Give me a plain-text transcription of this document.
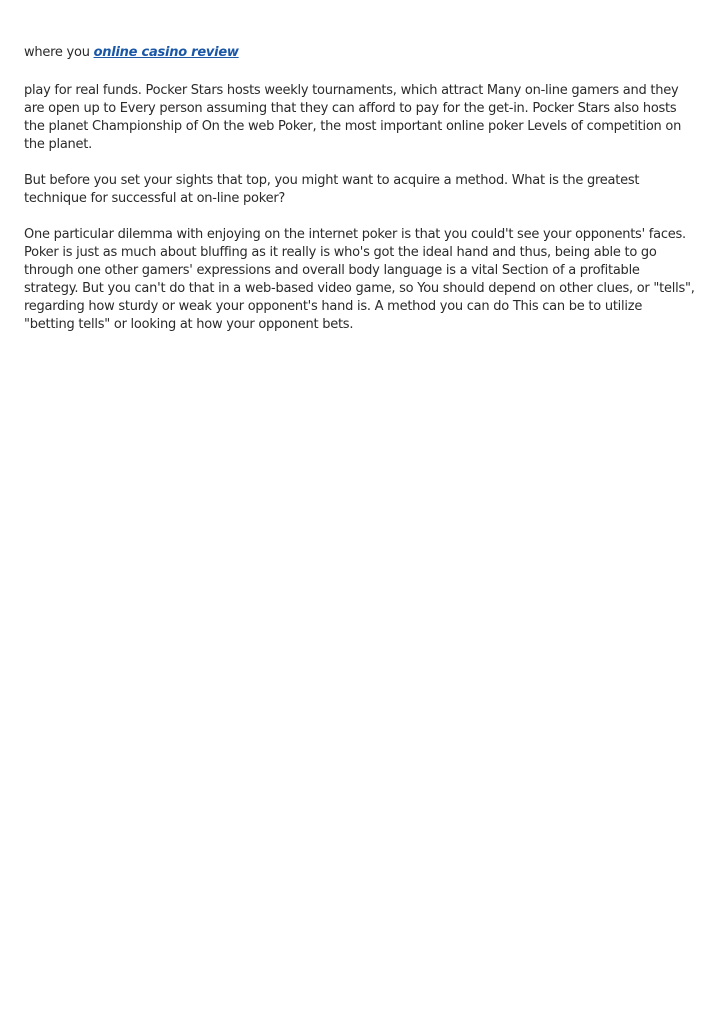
where you online casino review

play for real funds. Pocker Stars hosts weekly tournaments, which attract Many on-line gamers and they are open up to Every person assuming that they can afford to pay for the get-in. Pocker Stars also hosts the planet Championship of On the web Poker, the most important online poker Levels of competition on the planet.

But before you set your sights that top, you might want to acquire a method. What is the greatest technique for successful at on-line poker?

One particular dilemma with enjoying on the internet poker is that you could't see your opponents' faces. Poker is just as much about bluffing as it really is who's got the ideal hand and thus, being able to go through one other gamers' expressions and overall body language is a vital Section of a profitable strategy. But you can't do that in a web-based video game, so You should depend on other clues, or "tells", regarding how sturdy or weak your opponent's hand is. A method you can do This can be to utilize "betting tells" or looking at how your opponent bets.
